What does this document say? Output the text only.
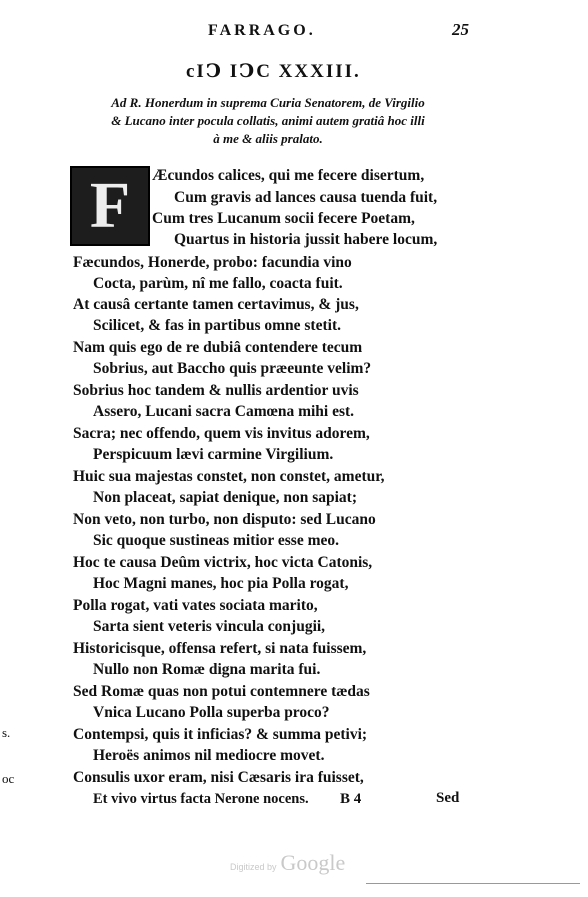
FARRAGO.	25
cIↃ IↃC XXXIII.
Ad R. Honerdum in suprema Curia Senatorem, de Virgilio & Lucano inter pocula collatis, animi autem gratiâ hoc illi à me & aliis pralato.
F Æcundos calices, qui me fecere disertum,
Cum gravis ad lances causa tuenda fuit,
Cum tres Lucanum socii fecere Poetam,
Quartus in historia jussit habere locum,
Fæcundos, Honerde, probo: facundia vino
Cocta, parùm, nî me fallo, coacta fuit.
At causâ certante tamen certavimus, & jus,
Scilicet, & fas in partibus omne stetit.
Nam quis ego de re dubiâ contendere tecum
Sobrius, aut Baccho quis præeunte velim?
Sobrius hoc tandem & nullis ardentior uvis
Assero, Lucani sacra Camœna mihi est.
Sacra; nec offendo, quem vis invitus adorem,
Perspicuum lævi carmine Virgilium.
Huic sua majestas constet, non constet, ametur,
Non placeat, sapiat denique, non sapiat;
Non veto, non turbo, non disputo: sed Lucano
Sic quoque sustineas mitior esse meo.
Hoc te causa Deûm victrix, hoc victa Catonis,
Hoc Magni manes, hoc pia Polla rogat,
Polla rogat, vati vates sociata marito,
Sarta sient veteris vincula conjugii,
Historicisque, offensa refert, si nata fuissem,
Nullo non Romæ digna marita fui.
Sed Romæ quas non potui contemnere tædas
Vnica Lucano Polla superba proco?
Contempsi, quis it inficias? & summa petivi;
Heroës animos nil mediocre movet.
Consulis uxor eram, nisi Cæsaris ira fuisset,
Et vivo virtus facta Nerone nocens. B 4	Sed
s.
oc
Digitized by Google
